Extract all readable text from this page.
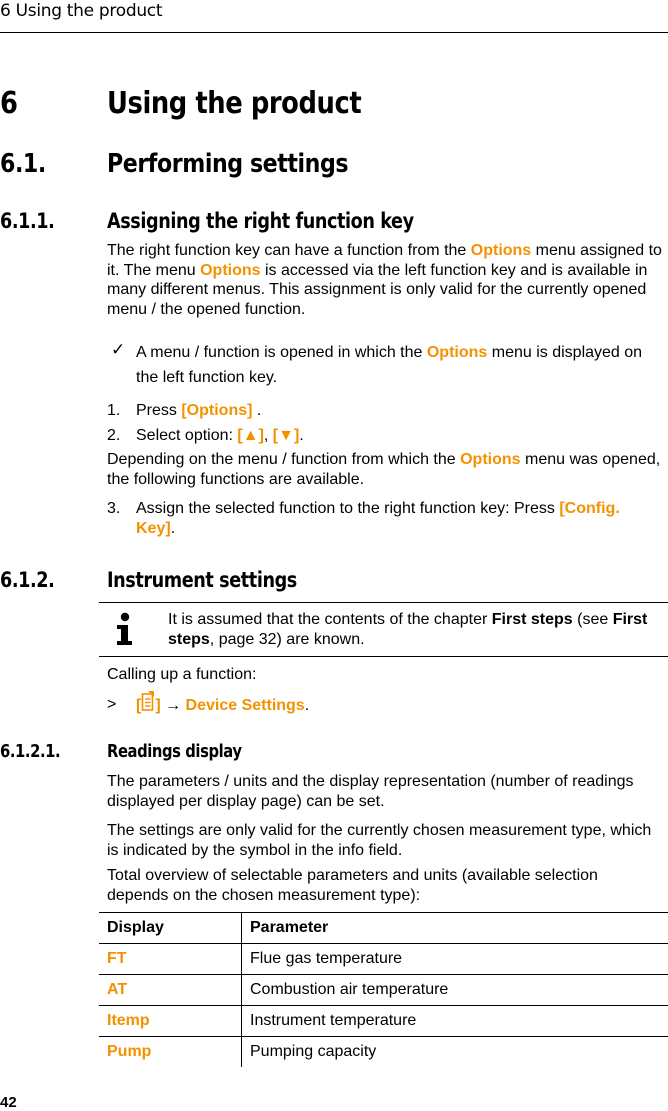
6 Using the product
6	Using the product
6.1. Performing settings
6.1.1.	Assigning the right function key
The right function key can have a function from the Options menu assigned to it. The menu Options is accessed via the left function key and is available in many different menus. This assignment is only valid for the currently opened menu / the opened function.
✓ A menu / function is opened in which the Options menu is displayed on the left function key.
1. Press [Options] .
2. Select option: [▲], [▼].
Depending on the menu / function from which the Options menu was opened, the following functions are available.
3. Assign the selected function to the right function key: Press [Config. Key].
6.1.2.	Instrument settings
It is assumed that the contents of the chapter First steps (see First steps, page 32) are known.
Calling up a function:
> [ ] → Device Settings.
6.1.2.1.	Readings display
The parameters / units and the display representation (number of readings displayed per display page) can be set.
The settings are only valid for the currently chosen measurement type, which is indicated by the symbol in the info field.
Total overview of selectable parameters and units (available selection depends on the chosen measurement type):
Display	Parameter
FT	Flue gas temperature
AT	Combustion air temperature
Itemp	Instrument temperature
Pump	Pumping capacity
42
